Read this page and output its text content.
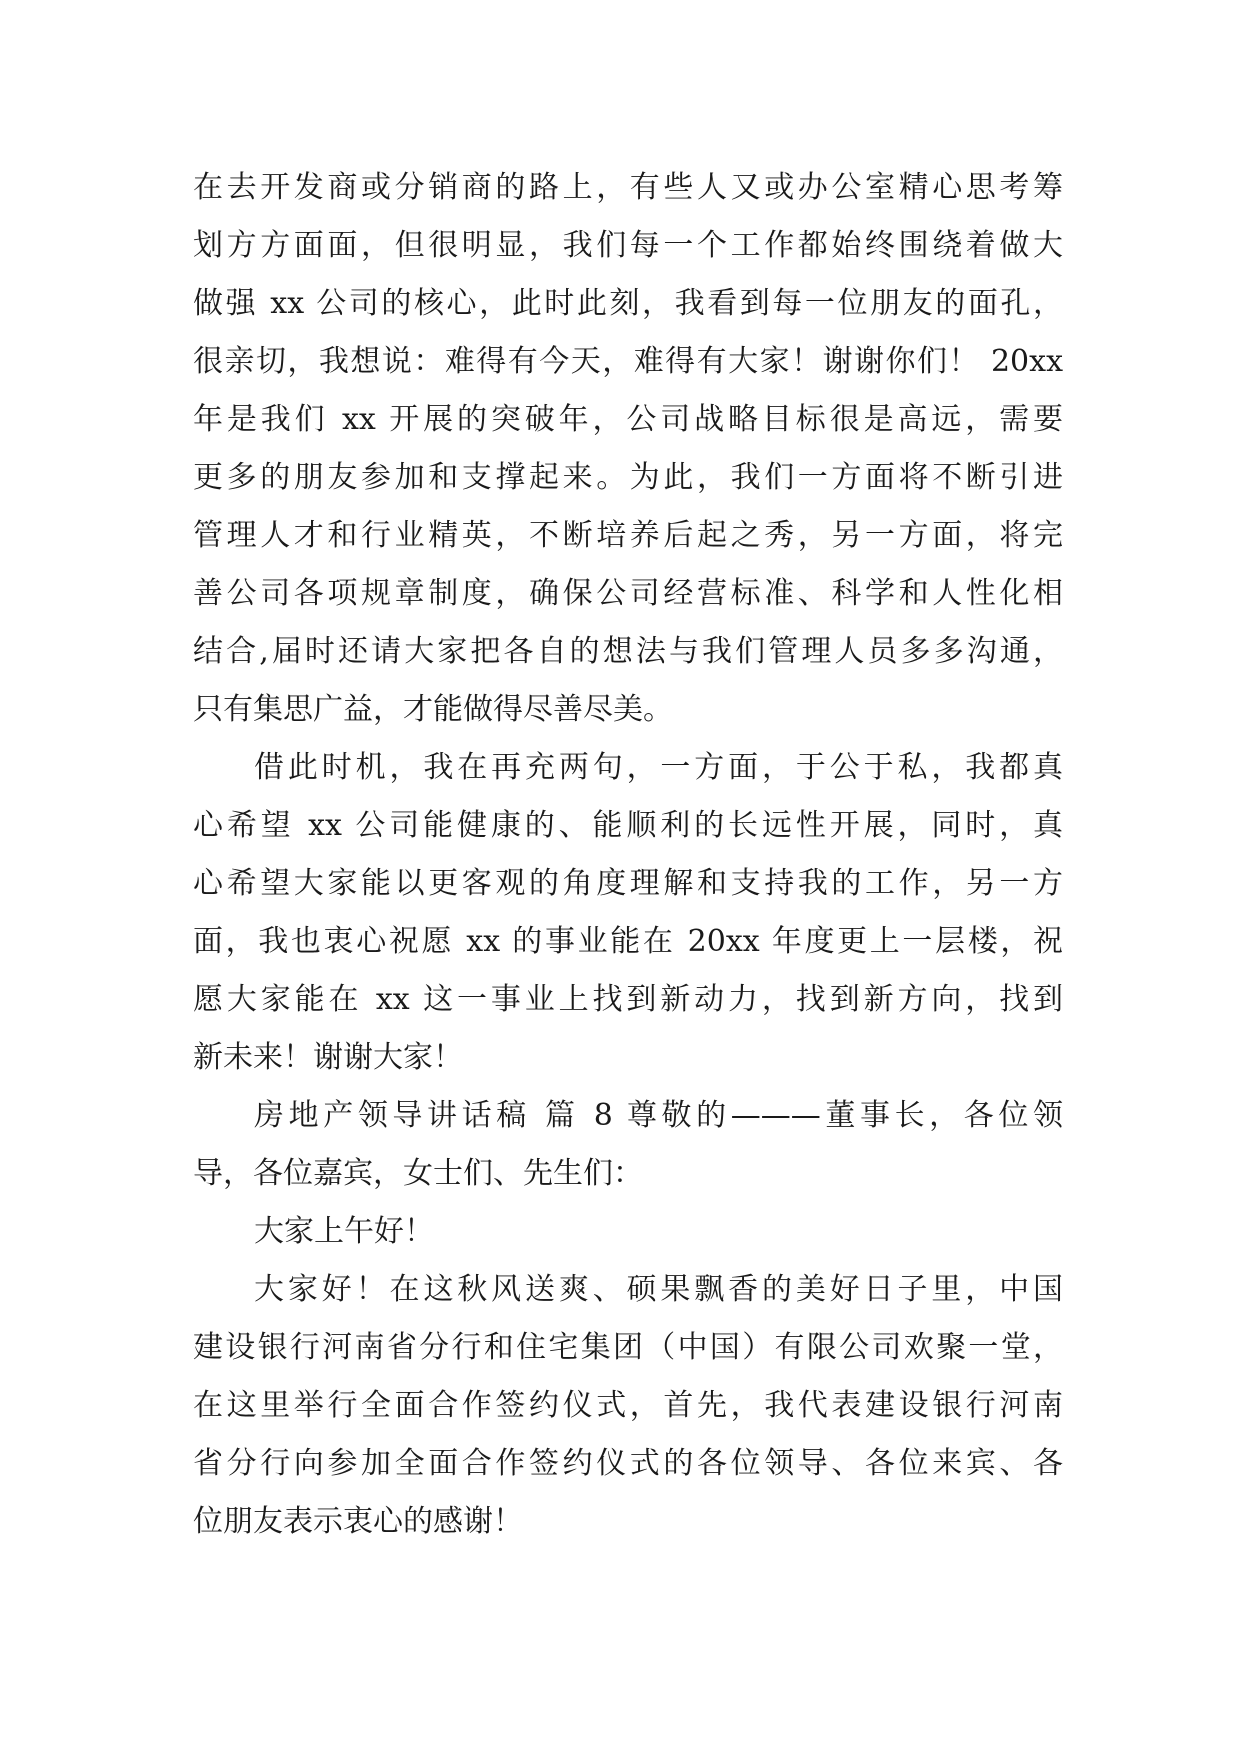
在去开发商或分销商的路上，有些人又或办公室精心思考筹
划方方面面，但很明显，我们每一个工作都始终围绕着做大
做强 xx 公司的核心，此时此刻，我看到每一位朋友的面孔，
很亲切，我想说：难得有今天，难得有大家！谢谢你们！ 20xx
年是我们 xx 开展的突破年，公司战略目标很是高远，需要
更多的朋友参加和支撑起来。为此，我们一方面将不断引进
管理人才和行业精英，不断培养后起之秀，另一方面，将完
善公司各项规章制度，确保公司经营标准、科学和人性化相
结合,届时还请大家把各自的想法与我们管理人员多多沟通，
只有集思广益，才能做得尽善尽美。
借此时机，我在再充两句，一方面，于公于私，我都真
心希望 xx 公司能健康的、能顺利的长远性开展，同时，真
心希望大家能以更客观的角度理解和支持我的工作，另一方
面，我也衷心祝愿 xx 的事业能在 20xx 年度更上一层楼，祝
愿大家能在 xx 这一事业上找到新动力，找到新方向，找到
新未来！谢谢大家！
房地产领导讲话稿 篇 8 尊敬的———董事长，各位领
导，各位嘉宾，女士们、先生们：
大家上午好！
大家好！在这秋风送爽、硕果飘香的美好日子里，中国
建设银行河南省分行和住宅集团（中国）有限公司欢聚一堂，
在这里举行全面合作签约仪式，首先，我代表建设银行河南
省分行向参加全面合作签约仪式的各位领导、各位来宾、各
位朋友表示衷心的感谢！
